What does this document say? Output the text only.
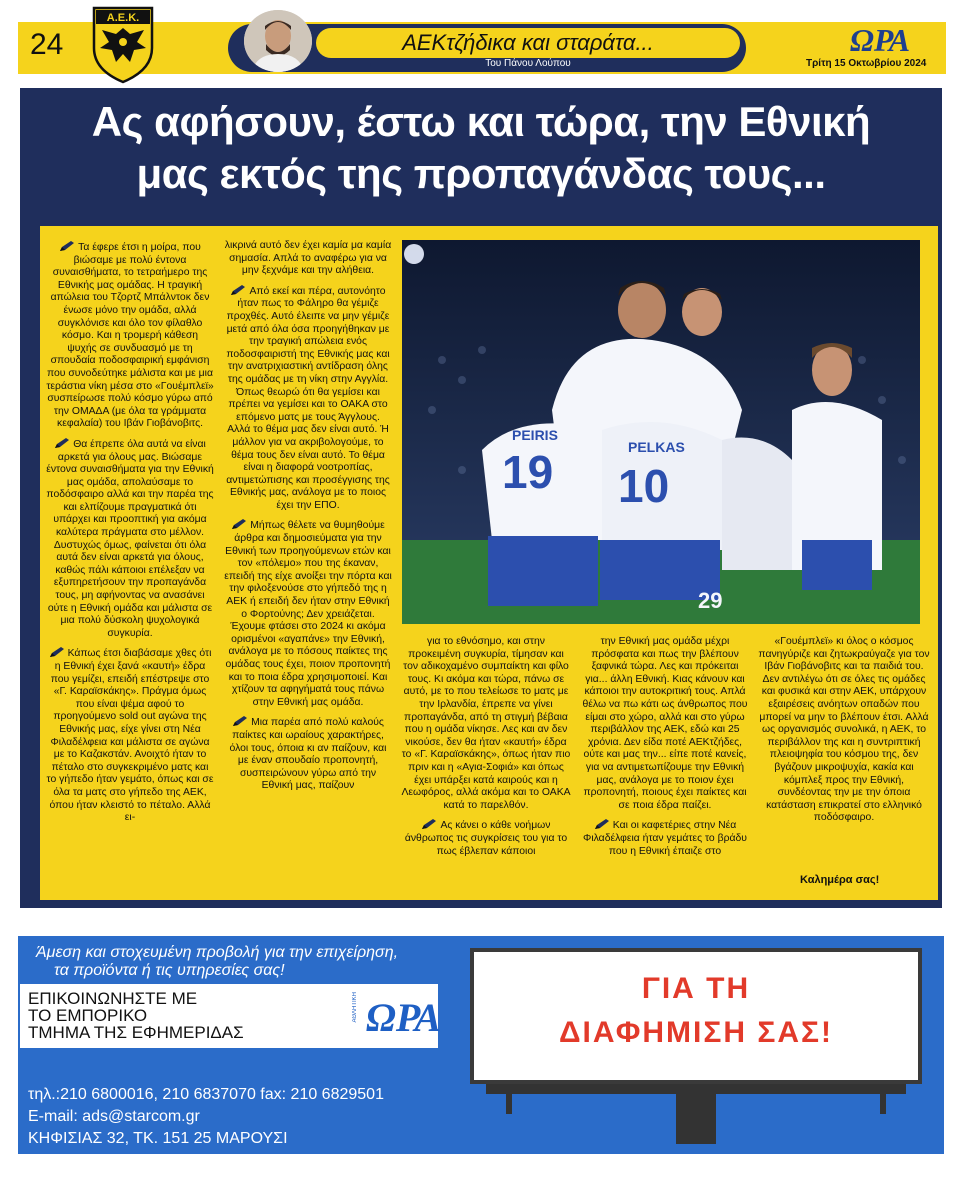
24
Α.Ε.Κ.
ΑΕΚτζήδικα και σταράτα...
Του Πάνου Λούπου
ΩΡΑ
Τρίτη 15 Οκτωβρίου 2024
Ας αφήσουν, έστω και τώρα, την Εθνική
μας εκτός της προπαγάνδας τους...

Τα έφερε έτσι η μοίρα, που βιώσαμε με πολύ έντονα συναισθήματα, το τετραήμερο της Εθνικής μας ομάδας. Η τραγική απώλεια του Τζορτζ Μπάλντοκ δεν ένωσε μόνο την ομάδα, αλλά συγκλόνισε και όλο τον φίλαθλο κόσμο. Και η τρομερή κάθεση ψυχής σε συνδυασμό με τη σπουδαία ποδοσφαιρική εμφάνιση που συνοδεύτηκε μάλιστα και με μια τεράστια νίκη μέσα στο «Γουέμπλεϊ» συσπείρωσε πολύ κόσμο γύρω από την ΟΜΑΔΑ (με όλα τα γράμματα κεφαλαία) του Ιβάν Γιοβάνοβιτς.

Θα έπρεπε όλα αυτά να είναι αρκετά για όλους μας. Βιώσαμε έντονα συναισθήματα για την Εθνική μας ομάδα, απολαύσαμε το ποδόσφαιρο αλλά και την παρέα της και ελπίζουμε πραγματικά ότι υπάρχει και προοπτική για ακόμα καλύτερα πράγματα στο μέλλον. Δυστυχώς όμως, φαίνεται ότι όλα αυτά δεν είναι αρκετά για όλους, καθώς πάλι κάποιοι επέλεξαν να εξυπηρετήσουν την προπαγάνδα τους, μη αφήνοντας να ανασάνει ούτε η Εθνική ομάδα και μάλιστα σε μια πολύ δύσκολη ψυχολογικά συγκυρία.

Κάπως έτσι διαβάσαμε χθες ότι η Εθνική έχει ξανά «καυτή» έδρα που γεμίζει, επειδή επέστρεψε στο «Γ. Καραϊσκάκης». Πράγμα όμως που είναι ψέμα αφού το προηγούμενο sold out αγώνα της Εθνικής μας, είχε γίνει στη Νέα Φιλαδέλφεια και μάλιστα σε αγώνα με το Καζακστάν. Ανοιχτό ήταν το πέταλο στο συγκεκριμένο ματς και το γήπεδο ήταν γεμάτο, όπως και σε όλα τα ματς στο γήπεδο της ΑΕΚ, όπου ήταν κλειστό το πέταλο. Αλλά ει-

λικρινά αυτό δεν έχει καμία μα καμία σημασία. Απλά το αναφέρω για να μην ξεχνάμε και την αλήθεια.

Από εκεί και πέρα, αυτονόητο ήταν πως το Φάληρο θα γέμιζε προχθές. Αυτό έλειπε να μην γέμιζε μετά από όλα όσα προηγήθηκαν με την τραγική απώλεια ενός ποδοσφαιριστή της Εθνικής μας και την ανατριχιαστική αντίδραση όλης της ομάδας με τη νίκη στην Αγγλία. Όπως θεωρώ ότι θα γεμίσει και πρέπει να γεμίσει και το ΟΑΚΑ στο επόμενο ματς με τους Άγγλους. Αλλά το θέμα μας δεν είναι αυτό. Ή μάλλον για να ακριβολογούμε, το θέμα τους δεν είναι αυτό. Το θέμα είναι η διαφορά νοοτροπίας, αντιμετώπισης και προσέγγισης της Εθνικής μας, ανάλογα με το ποιος έχει την ΕΠΟ.

Μήπως θέλετε να θυμηθούμε άρθρα και δημοσιεύματα για την Εθνική των προηγούμενων ετών και τον «πόλεμο» που της έκαναν, επειδή της είχε ανοίξει την πόρτα και την φιλοξενούσε στο γήπεδό της η ΑΕΚ ή επειδή δεν ήταν στην Εθνική ο Φορτούνης; Δεν χρειάζεται. Έχουμε φτάσει στο 2024 κι ακόμα ορισμένοι «αγαπάνε» την Εθνική, ανάλογα με το πόσους παίκτες της ομάδας τους έχει, ποιον προπονητή και το ποια έδρα χρησιμοποιεί. Και χτίζουν τα αφηγήματά τους πάνω στην Εθνική μας ομάδα.

Μια παρέα από πολύ καλούς παίκτες και ωραίους χαρακτήρες, όλοι τους, όποια κι αν παίζουν, και με έναν σπουδαίο προπονητή, συσπειρώνουν γύρω από την Εθνική μας, παίζουν

PEIRIS
19	PELKAS
10
29

για το εθνόσημο, και στην προκειμένη συγκυρία, τίμησαν και τον αδικοχαμένο συμπαίκτη και φίλο τους. Κι ακόμα και τώρα, πάνω σε αυτό, με το που τελείωσε το ματς με την Ιρλανδία, έπρεπε να γίνει προπαγάνδα, από τη στιγμή βέβαια που η ομάδα νίκησε. Λες και αν δεν νικούσε, δεν θα ήταν «καυτή» έδρα το «Γ. Καραϊσκάκης», όπως ήταν πιο πριν και η «Αγια-Σοφιά» και όπως έχει υπάρξει κατά καιρούς και η Λεωφόρος, αλλά ακόμα και το ΟΑΚΑ κατά το παρελθόν.

Ας κάνει ο κάθε νοήμων άνθρωπος τις συγκρίσεις του για το πως έβλεπαν κάποιοι

την Εθνική μας ομάδα μέχρι πρόσφατα και πως την βλέπουν ξαφνικά τώρα. Λες και πρόκειται για... άλλη Εθνική. Κιας κάνουν και κάποιοι την αυτοκριτική τους. Απλά θέλω να πω κάτι ως άνθρωπος που είμαι στο χώρο, αλλά και στο γύρω περιβάλλον της ΑΕΚ, εδώ και 25 χρόνια. Δεν είδα ποτέ ΑΕΚτζήδες, ούτε και μας την... είπε ποτέ κανείς, για να αντιμετωπίζουμε την Εθνική μας, ανάλογα με το ποιον έχει προπονητή, ποιους έχει παίκτες και σε ποια έδρα παίζει.

Και οι καφετέριες στην Νέα Φιλαδέλφεια ήταν γεμάτες το βράδυ που η Εθνική έπαιζε στο

«Γουέμπλεϊ» κι όλος ο κόσμος πανηγύριζε και ζητωκραύγαζε για τον Ιβάν Γιοβάνοβιτς και τα παιδιά του. Δεν αντιλέγω ότι σε όλες τις ομάδες και φυσικά και στην ΑΕΚ, υπάρχουν εξαιρέσεις ανόητων οπαδών που μπορεί να μην το βλέπουν έτσι. Αλλά ως οργανισμός συνολικά, η ΑΕΚ, το περιβάλλον της και η συντριπτική πλειοψηφία του κόσμου της, δεν βγάζουν μικροψυχία, κακία και κόμπλεξ προς την Εθνική, συνδέοντας την με την όποια κατάσταση επικρατεί στο ελληνικό ποδόσφαιρο.

Καλημέρα σας!
Άμεση και στοχευμένη προβολή για την επιχείρηση,
τα προϊόντα ή τις υπηρεσίες σας!
ΕΠΙΚΟΙΝΩΝΗΣΤΕ ΜΕ
ΤΟ ΕΜΠΟΡΙΚΟ
ΤΜΗΜΑ ΤΗΣ ΕΦΗΜΕΡΙΔΑΣ	ΩΡΑ
ΑΘΛΗΤΙΚΗ
ΓΙΑ ΤΗ
ΔΙΑΦΗΜΙΣΗ ΣΑΣ!
τηλ.:210 6800016, 210 6837070 fax: 210 6829501
E-mail: ads@starcom.gr
ΚΗΦΙΣΙΑΣ 32, ΤΚ. 151 25 ΜΑΡΟΥΣΙ
